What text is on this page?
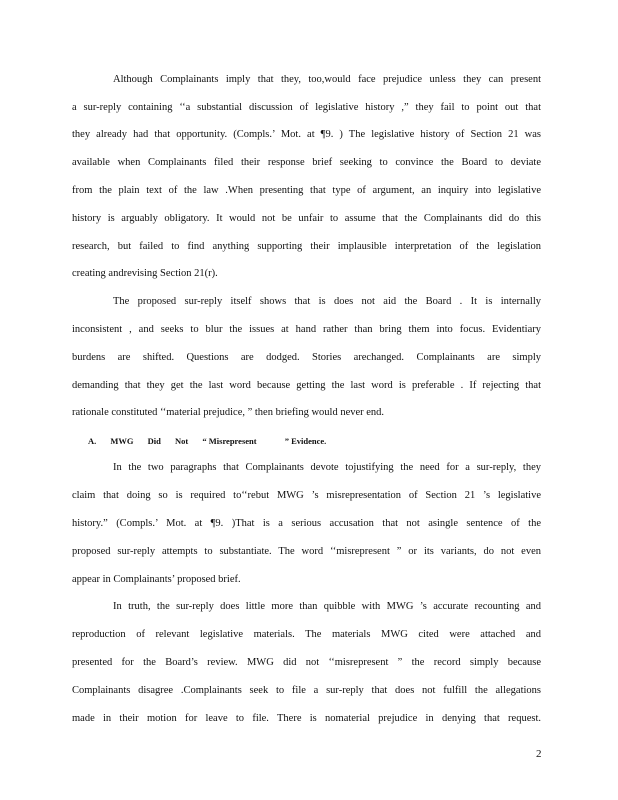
Although Complainants imply that they, too,would face prejudice unless they can present
a sur-reply containing ‘‘a substantial discussion of legislative history ,” they fail to point out that
they already had that opportunity. (Compls.’ Mot. at ¶9. ) The legislative history of Section 21 was
available when Complainants filed their response brief seeking to convince the Board to deviate
from the plain text of the law .When presenting that type of argument, an inquiry into legislative
history is arguably obligatory. It would not be unfair to assume that the Complainants did do this
research, but failed to find anything supporting their implausible interpretation of the legislation
creating andrevising Section 21(r).
The proposed sur-reply itself shows that is does not aid the Board . It is internally
inconsistent , and seeks to blur the issues at hand rather than bring them into focus. Evidentiary
burdens are shifted. Questions are dodged. Stories arechanged. Complainants are simply
demanding that they get the last word because getting the last word is preferable . If rejecting that
rationale constituted ‘‘material prejudice, ” then briefing would never end.
A. MWG Did Not “ Misrepresent	” Evidence.
In the two paragraphs that Complainants devote tojustifying the need for a sur-reply, they
claim that doing so is required to‘‘rebut MWG ’s misrepresentation of Section 21 ’s legislative
history.” (Compls.’ Mot. at ¶9. )That is a serious accusation that not asingle sentence of the
proposed sur-reply attempts to substantiate. The word ‘‘misrepresent ” or its variants, do not even
appear in Complainants’ proposed brief.
In truth, the sur-reply does little more than quibble with MWG ’s accurate recounting and
reproduction of relevant legislative materials. The materials MWG cited were attached and
presented for the Board’s review. MWG did not ‘‘misrepresent ” the record simply because
Complainants disagree .Complainants seek to file a sur-reply that does not fulfill the allegations
made in their motion for leave to file. There is nomaterial prejudice in denying that request.
2
